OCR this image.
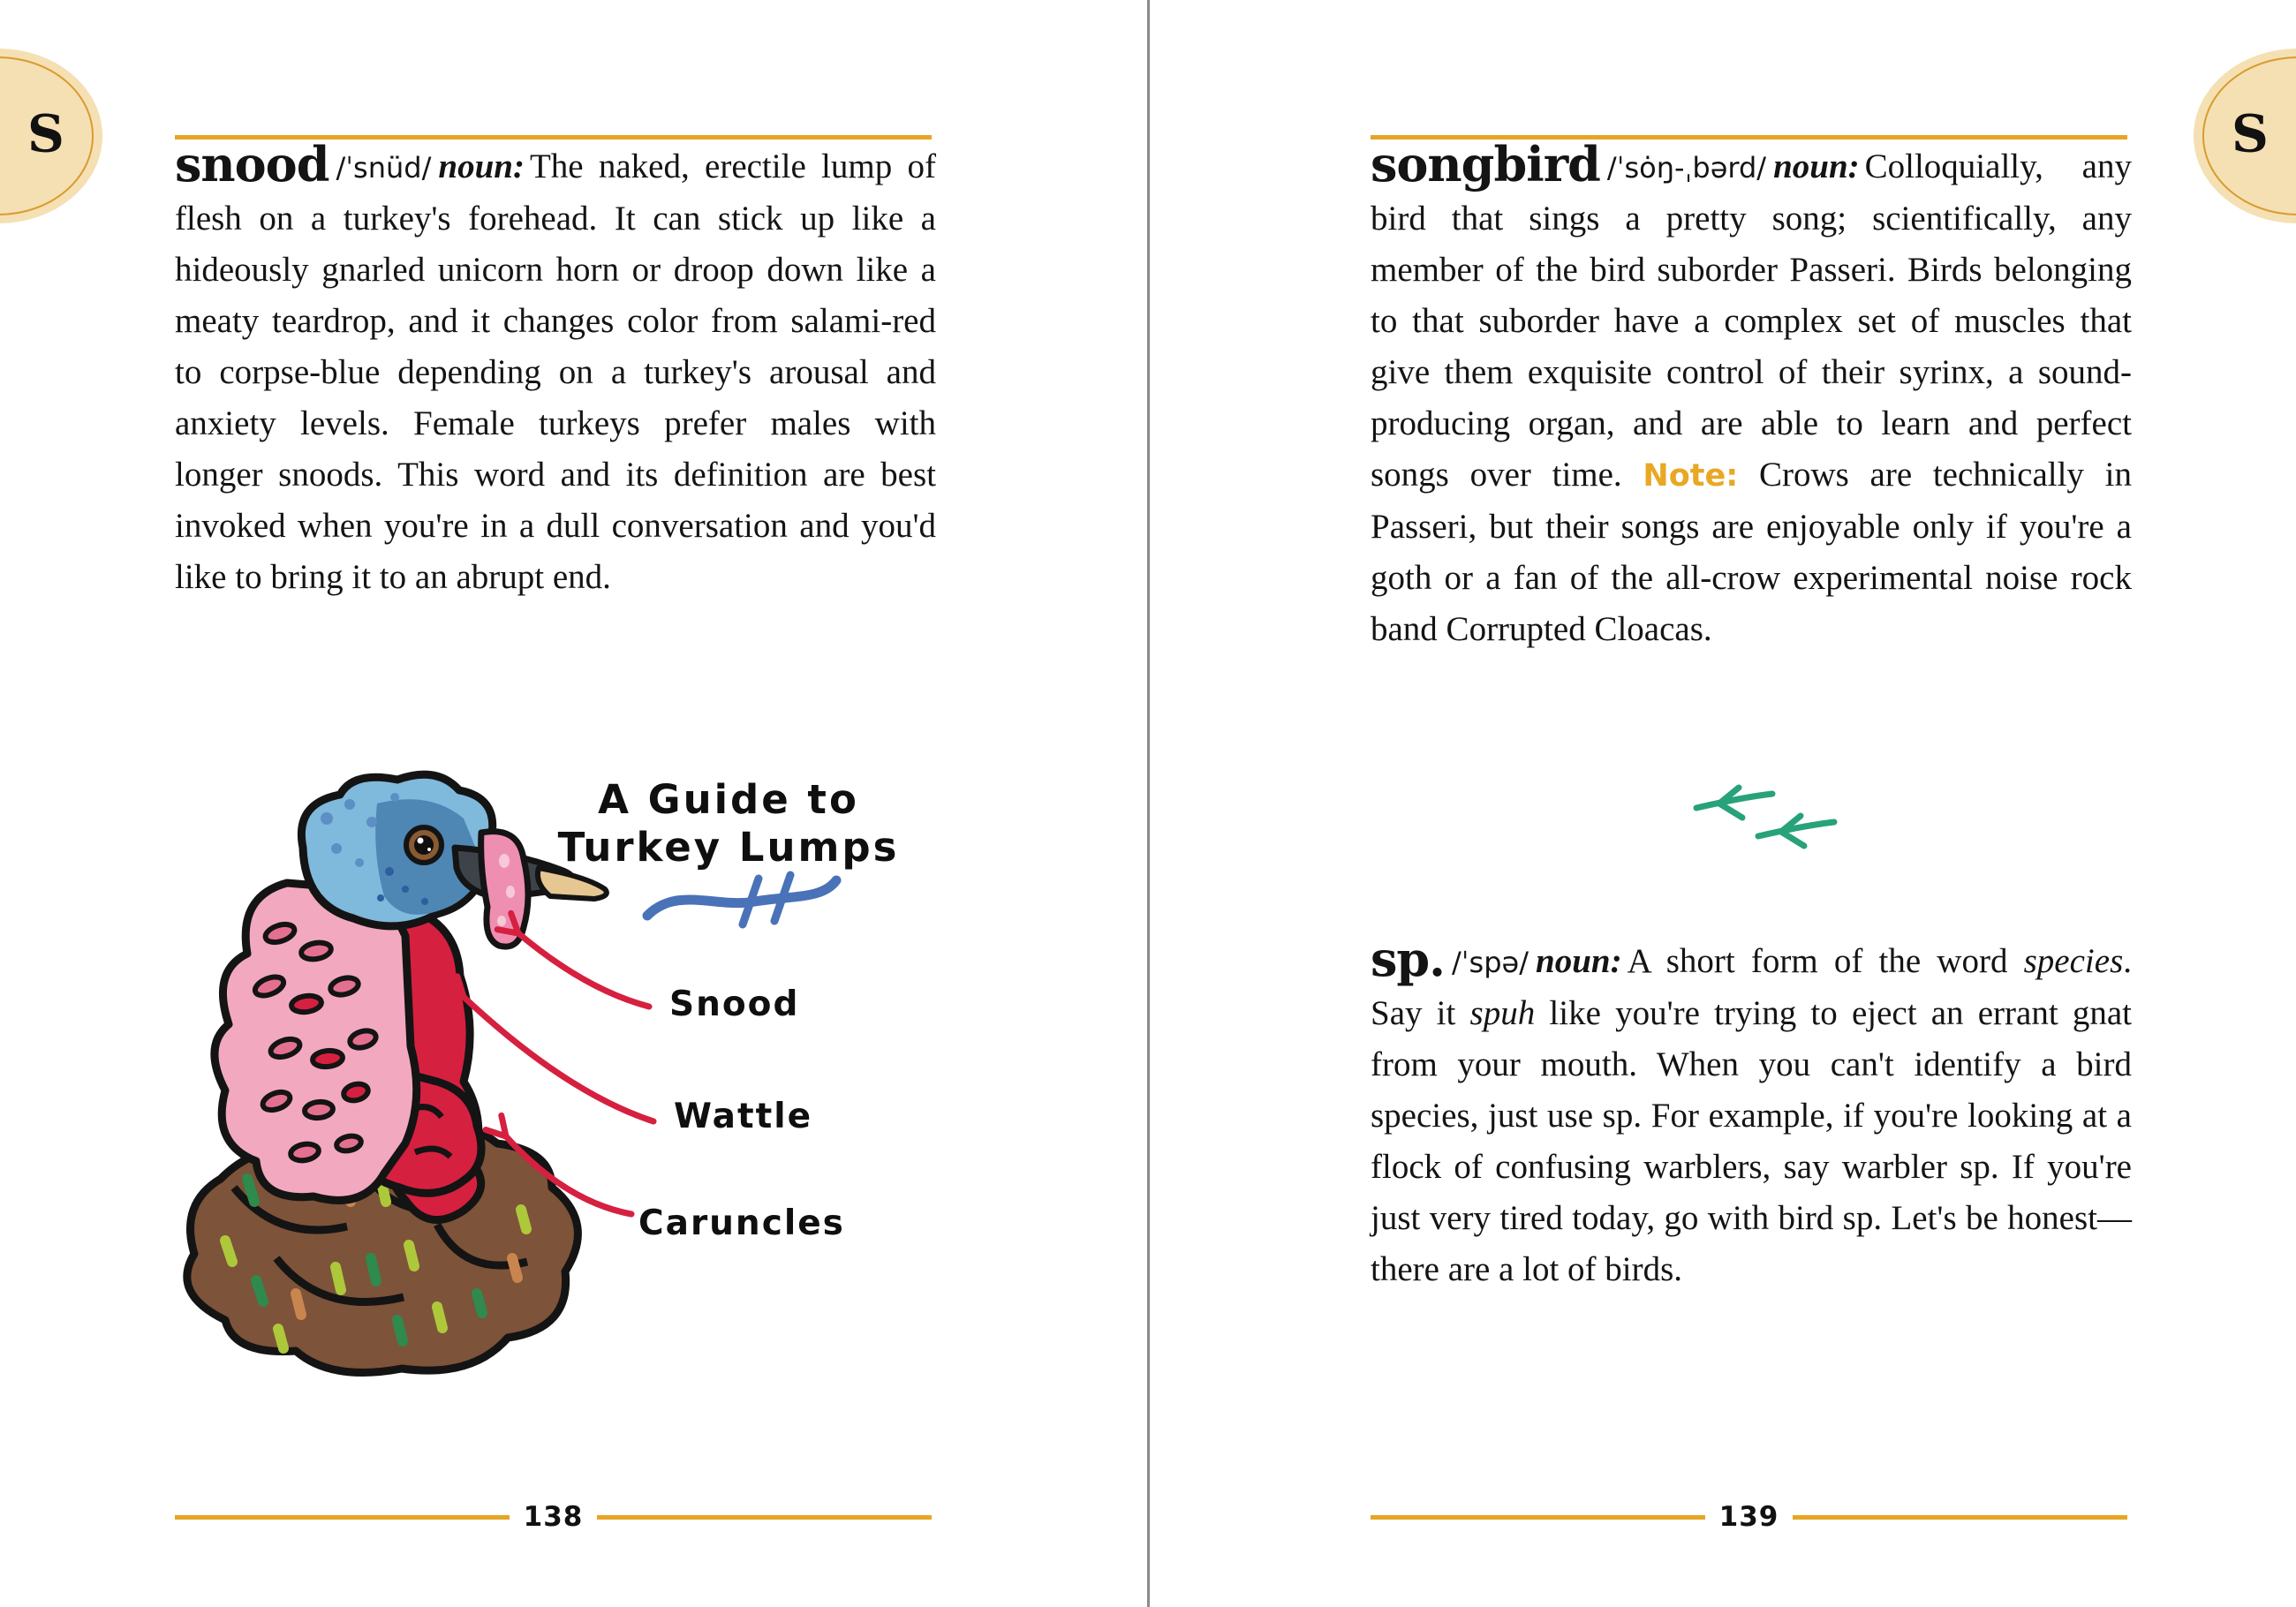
S	S

snood /ˈsnüd/ noun: The naked, erectile lump of flesh on a turkey's forehead. It can stick up like a hideously gnarled unicorn horn or droop down like a meaty teardrop, and it changes color from salami-red to corpse-blue depending on a turkey's arousal and anxiety levels. Female turkeys prefer males with longer snoods. This word and its definition are best invoked when you're in a dull conversation and you'd like to bring it to an abrupt end.

A Guide to
Turkey Lumps
Snood
Wattle
Caruncles

songbird /ˈsȯŋ-ˌbərd/ noun: Colloquially, any bird that sings a pretty song; scientifically, any member of the bird suborder Passeri. Birds belonging to that suborder have a complex set of muscles that give them exquisite control of their syrinx, a sound-producing organ, and are able to learn and perfect songs over time. Note: Crows are technically in Passeri, but their songs are enjoyable only if you're a goth or a fan of the all-crow experimental noise rock band Corrupted Cloacas.

sp. /ˈspə/ noun: A short form of the word species. Say it spuh like you're trying to eject an errant gnat from your mouth. When you can't identify a bird species, just use sp. For example, if you're looking at a flock of confusing warblers, say warbler sp. If you're just very tired today, go with bird sp. Let's be honest—there are a lot of birds.

138	139
